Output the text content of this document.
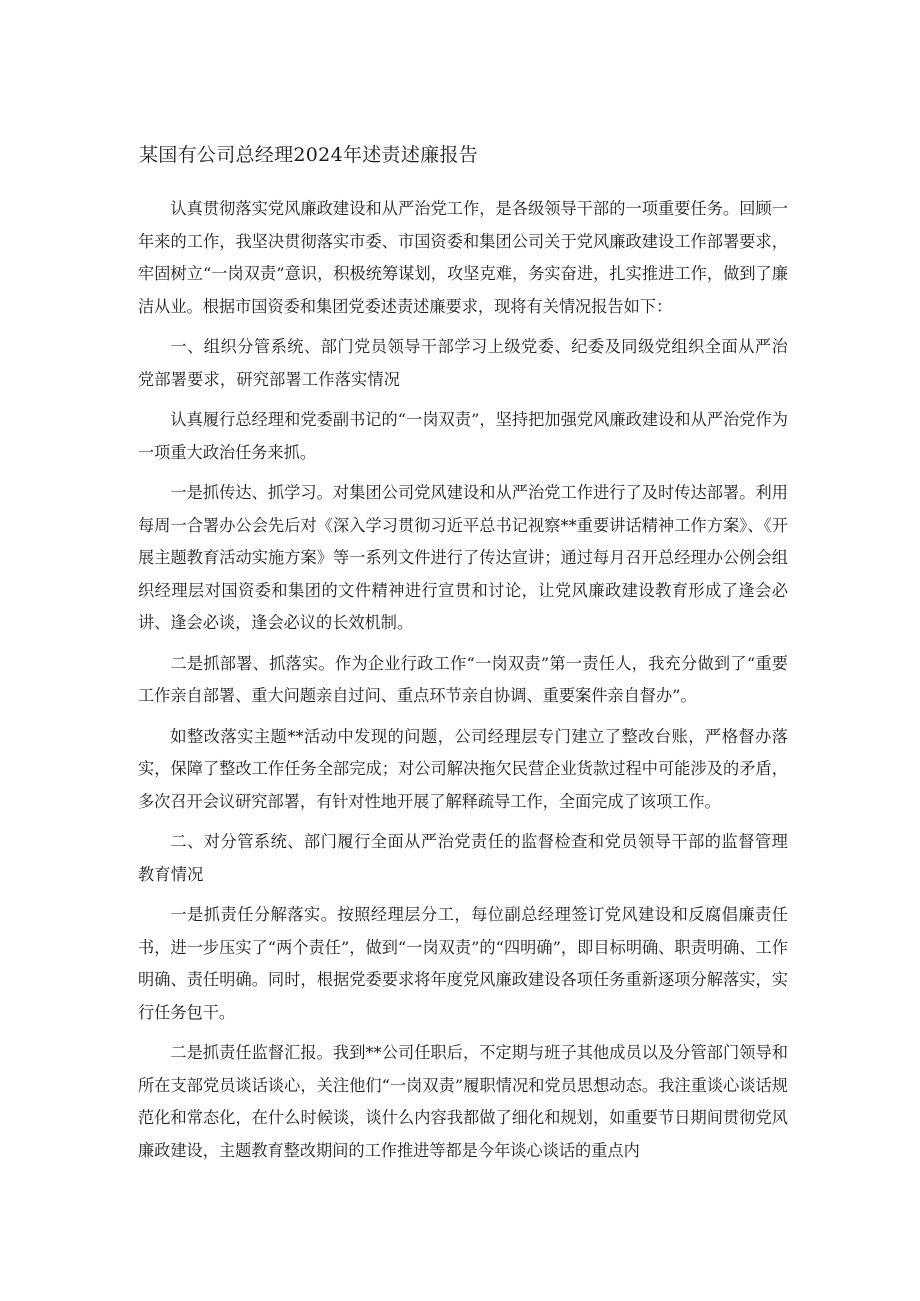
某国有公司总经理2024年述责述廉报告

认真贯彻落实党风廉政建设和从严治党工作，是各级领导干部的一项重要任务。回顾一年来的工作，我坚决贯彻落实市委、市国资委和集团公司关于党风廉政建设工作部署要求，牢固树立“一岗双责”意识，积极统筹谋划，攻坚克难，务实奋进，扎实推进工作，做到了廉洁从业。根据市国资委和集团党委述责述廉要求，现将有关情况报告如下：

一、组织分管系统、部门党员领导干部学习上级党委、纪委及同级党组织全面从严治党部署要求，研究部署工作落实情况

认真履行总经理和党委副书记的“一岗双责”，坚持把加强党风廉政建设和从严治党作为一项重大政治任务来抓。

一是抓传达、抓学习。对集团公司党风建设和从严治党工作进行了及时传达部署。利用每周一合署办公会先后对《深入学习贯彻习近平总书记视察**重要讲话精神工作方案》、《开展主题教育活动实施方案》等一系列文件进行了传达宣讲；通过每月召开总经理办公例会组织经理层对国资委和集团的文件精神进行宣贯和讨论，让党风廉政建设教育形成了逢会必讲、逢会必谈，逢会必议的长效机制。

二是抓部署、抓落实。作为企业行政工作“一岗双责”第一责任人，我充分做到了“重要工作亲自部署、重大问题亲自过问、重点环节亲自协调、重要案件亲自督办”。

如整改落实主题**活动中发现的问题，公司经理层专门建立了整改台账，严格督办落实，保障了整改工作任务全部完成；对公司解决拖欠民营企业货款过程中可能涉及的矛盾，多次召开会议研究部署，有针对性地开展了解释疏导工作，全面完成了该项工作。

二、对分管系统、部门履行全面从严治党责任的监督检查和党员领导干部的监督管理教育情况

一是抓责任分解落实。按照经理层分工，每位副总经理签订党风建设和反腐倡廉责任书，进一步压实了“两个责任”，做到“一岗双责”的“四明确”，即目标明确、职责明确、工作明确、责任明确。同时，根据党委要求将年度党风廉政建设各项任务重新逐项分解落实，实行任务包干。

二是抓责任监督汇报。我到**公司任职后，不定期与班子其他成员以及分管部门领导和所在支部党员谈话谈心，关注他们“一岗双责”履职情况和党员思想动态。我注重谈心谈话规范化和常态化，在什么时候谈，谈什么内容我都做了细化和规划，如重要节日期间贯彻党风廉政建设，主题教育整改期间的工作推进等都是今年谈心谈话的重点内
